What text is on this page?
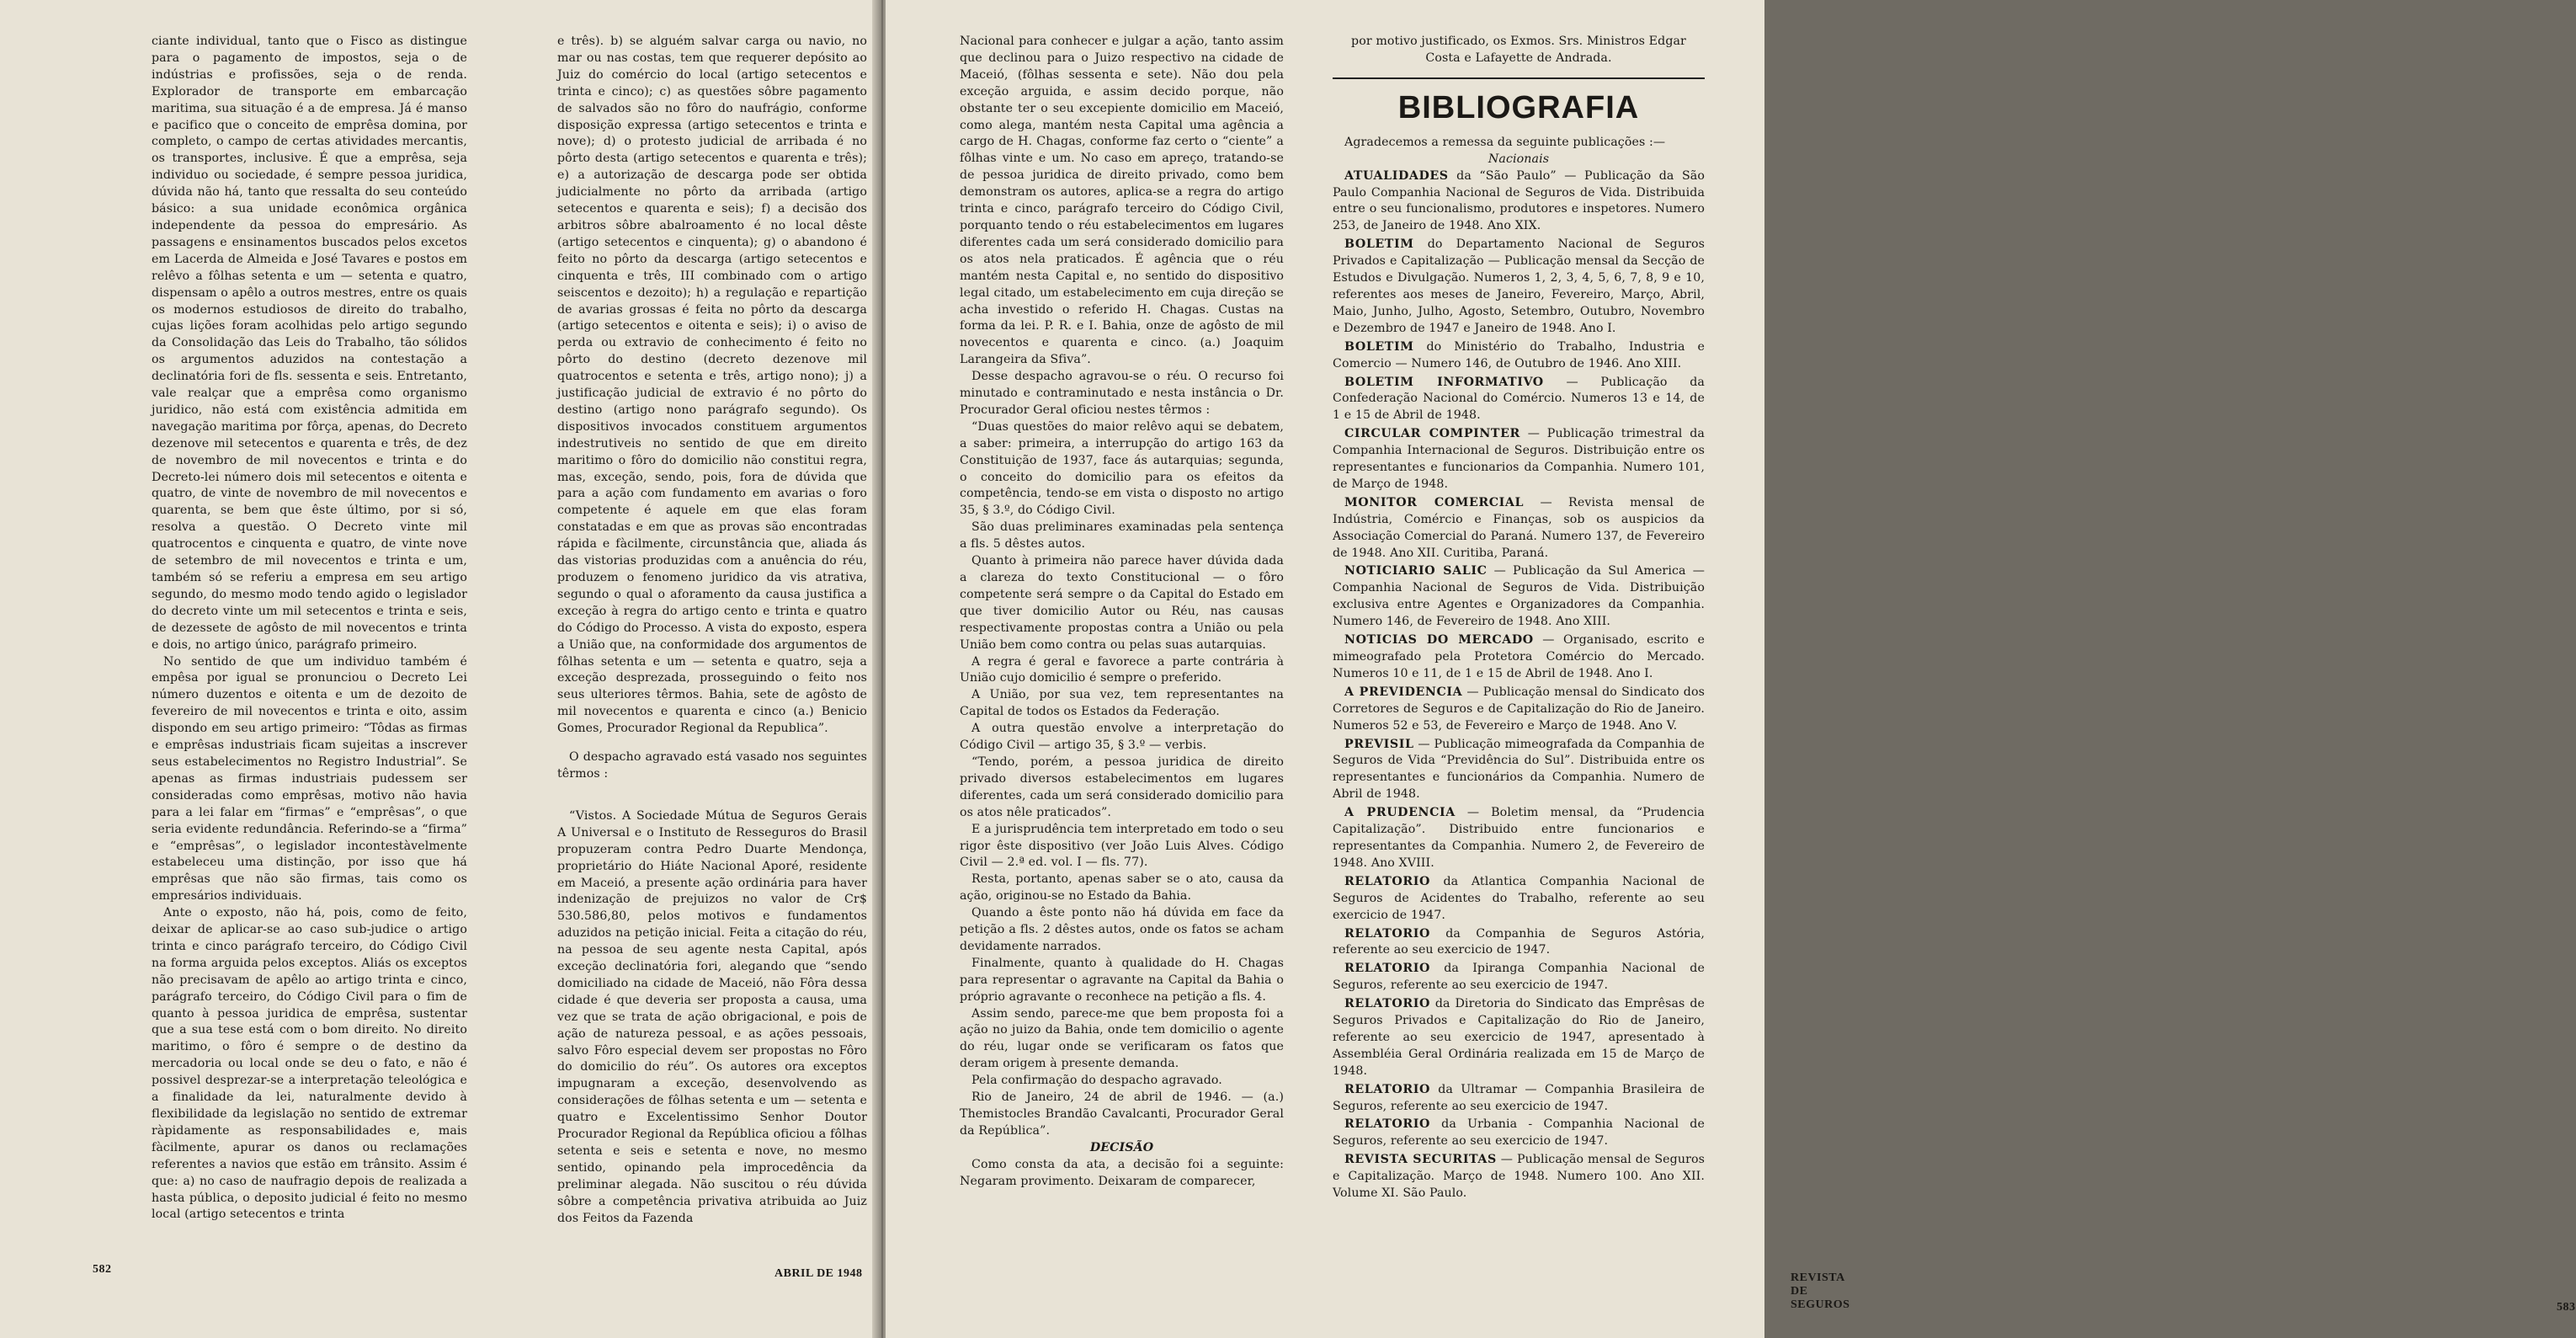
ciante individual, tanto que o Fisco as distingue para o pagamento de impostos, seja o de indústrias e profissões, seja o de renda. Explorador de transporte em embarcação maritima, sua situação é a de empresa. Já é manso e pacifico que o conceito de emprêsa domina, por completo, o campo de certas atividades mercantis, os transportes, inclusive. É que a emprêsa, seja individuo ou sociedade, é sempre pessoa juridica, dúvida não há, tanto que ressalta do seu conteúdo básico: a sua unidade econômica orgânica independente da pessoa do empresário. As passagens e ensinamentos buscados pelos excetos em Lacerda de Almeida e José Tavares e postos em relêvo a fôlhas setenta e um — setenta e quatro, dispensam o apêlo a outros mestres, entre os quais os modernos estudiosos de direito do trabalho, cujas lições foram acolhidas pelo artigo segundo da Consolidação das Leis do Trabalho, tão sólidos os argumentos aduzidos na contestação a declinatória fori de fls. sessenta e seis. Entretanto, vale realçar que a emprêsa como organismo juridico, não está com existência admitida em navegação maritima por fôrça, apenas, do Decreto dezenove mil setecentos e quarenta e três, de dez de novembro de mil novecentos e trinta e do Decreto-lei número dois mil setecentos e oitenta e quatro, de vinte de novembro de mil novecentos e quarenta, se bem que êste último, por si só, resolva a questão. O Decreto vinte mil quatrocentos e cinquenta e quatro, de vinte nove de setembro de mil novecentos e trinta e um, também só se referiu a empresa em seu artigo segundo, do mesmo modo tendo agido o legislador do decreto vinte um mil setecentos e trinta e seis, de dezessete de agôsto de mil novecentos e trinta e dois, no artigo único, parágrafo primeiro.

No sentido de que um individuo também é empêsa por igual se pronunciou o Decreto Lei número duzentos e oitenta e um de dezoito de fevereiro de mil novecentos e trinta e oito, assim dispondo em seu artigo primeiro: “Tôdas as firmas e emprêsas industriais ficam sujeitas a inscrever seus estabelecimentos no Registro Industrial”. Se apenas as firmas industriais pudessem ser consideradas como emprêsas, motivo não havia para a lei falar em “firmas” e “emprêsas”, o que seria evidente redundância. Referindo-se a “firma” e “emprêsas”, o legislador incontestàvelmente estabeleceu uma distinção, por isso que há emprêsas que não são firmas, tais como os empresários individuais.

Ante o exposto, não há, pois, como de feito, deixar de aplicar-se ao caso sub-judice o artigo trinta e cinco parágrafo terceiro, do Código Civil na forma arguida pelos exceptos. Aliás os exceptos não precisavam de apêlo ao artigo trinta e cinco, parágrafo terceiro, do Código Civil para o fim de quanto à pessoa juridica de emprêsa, sustentar que a sua tese está com o bom direito. No direito maritimo, o fôro é sempre o de destino da mercadoria ou local onde se deu o fato, e não é possivel desprezar-se a interpretação teleológica e a finalidade da lei, naturalmente devido à flexibilidade da legislação no sentido de extremar ràpidamente as responsabilidades e, mais fàcilmente, apurar os danos ou reclamações referentes a navios que estão em trânsito. Assim é que: a) no caso de naufragio depois de realizada a hasta pública, o deposito judicial é feito no mesmo local (artigo setecentos e trinta

e três). b) se alguém salvar carga ou navio, no mar ou nas costas, tem que requerer depósito ao Juiz do comércio do local (artigo setecentos e trinta e cinco); c) as questões sôbre pagamento de salvados são no fôro do naufrágio, conforme disposição expressa (artigo setecentos e trinta e nove); d) o protesto judicial de arribada é no pôrto desta (artigo setecentos e quarenta e três); e) a autorização de descarga pode ser obtida judicialmente no pôrto da arribada (artigo setecentos e quarenta e seis); f) a decisão dos arbitros sôbre abalroamento é no local dêste (artigo setecentos e cinquenta); g) o abandono é feito no pôrto da descarga (artigo setecentos e cinquenta e três, III combinado com o artigo seiscentos e dezoito); h) a regulação e repartição de avarias grossas é feita no pôrto da descarga (artigo setecentos e oitenta e seis); i) o aviso de perda ou extravio de conhecimento é feito no pôrto do destino (decreto dezenove mil quatrocentos e setenta e três, artigo nono); j) a justificação judicial de extravio é no pôrto do destino (artigo nono parágrafo segundo). Os dispositivos invocados constituem argumentos indestrutiveis no sentido de que em direito maritimo o fôro do domicilio não constitui regra, mas, exceção, sendo, pois, fora de dúvida que para a ação com fundamento em avarias o foro competente é aquele em que elas foram constatadas e em que as provas são encontradas rápida e fàcilmente, circunstância que, aliada ás das vistorias produzidas com a anuência do réu, produzem o fenomeno juridico da vis atrativa, segundo o qual o aforamento da causa justifica a exceção à regra do artigo cento e trinta e quatro do Código do Processo. A vista do exposto, espera a União que, na conformidade dos argumentos de fôlhas setenta e um — setenta e quatro, seja a exceção desprezada, prosseguindo o feito nos seus ulteriores têrmos. Bahia, sete de agôsto de mil novecentos e quarenta e cinco (a.) Benicio Gomes, Procurador Regional da Republica”.

O despacho agravado está vasado nos seguintes têrmos :

“Vistos. A Sociedade Mútua de Seguros Gerais A Universal e o Instituto de Resseguros do Brasil propuzeram contra Pedro Duarte Mendonça, proprietário do Hiáte Nacional Aporé, residente em Maceió, a presente ação ordinária para haver indenização de prejuizos no valor de Cr$ 530.586,80, pelos motivos e fundamentos aduzidos na petição inicial. Feita a citação do réu, na pessoa de seu agente nesta Capital, após exceção declinatória fori, alegando que “sendo domiciliado na cidade de Maceió, não Fôra dessa cidade é que deveria ser proposta a causa, uma vez que se trata de ação obrigacional, e pois de ação de natureza pessoal, e as ações pessoais, salvo Fôro especial devem ser propostas no Fôro do domicilio do réu”. Os autores ora exceptos impugnaram a exceção, desenvolvendo as considerações de fôlhas setenta e um — setenta e quatro e Excelentissimo Senhor Doutor Procurador Regional da República oficiou a fôlhas setenta e seis e setenta e nove, no mesmo sentido, opinando pela improcedência da preliminar alegada. Não suscitou o réu dúvida sôbre a competência privativa atribuida ao Juiz dos Feitos da Fazenda

582	ABRIL DE 1948

Nacional para conhecer e julgar a ação, tanto assim que declinou para o Juizo respectivo na cidade de Maceió, (fôlhas sessenta e sete). Não dou pela exceção arguida, e assim decido porque, não obstante ter o seu excepiente domicilio em Maceió, como alega, mantém nesta Capital uma agência a cargo de H. Chagas, conforme faz certo o “ciente” a fôlhas vinte e um. No caso em apreço, tratando-se de pessoa juridica de direito privado, como bem demonstram os autores, aplica-se a regra do artigo trinta e cinco, parágrafo terceiro do Código Civil, porquanto tendo o réu estabelecimentos em lugares diferentes cada um será considerado domicilio para os atos nela praticados. É agência que o réu mantém nesta Capital e, no sentido do dispositivo legal citado, um estabelecimento em cuja direção se acha investido o referido H. Chagas. Custas na forma da lei. P. R. e I. Bahia, onze de agôsto de mil novecentos e quarenta e cinco. (a.) Joaquim Larangeira da Sfiva”.

Desse despacho agravou-se o réu. O recurso foi minutado e contraminutado e nesta instância o Dr. Procurador Geral oficiou nestes têrmos :

“Duas questões do maior relêvo aqui se debatem, a saber: primeira, a interrupção do artigo 163 da Constituição de 1937, face ás autarquias; segunda, o conceito do domicilio para os efeitos da competência, tendo-se em vista o disposto no artigo 35, § 3.º, do Código Civil.

São duas preliminares examinadas pela sentença a fls. 5 dêstes autos.

Quanto à primeira não parece haver dúvida dada a clareza do texto Constitucional — o fôro competente será sempre o da Capital do Estado em que tiver domicilio Autor ou Réu, nas causas respectivamente propostas contra a União ou pela União bem como contra ou pelas suas autarquias.

A regra é geral e favorece a parte contrária à União cujo domicilio é sempre o preferido.

A União, por sua vez, tem representantes na Capital de todos os Estados da Federação.

A outra questão envolve a interpretação do Código Civil — artigo 35, § 3.º — verbis.

“Tendo, porém, a pessoa juridica de direito privado diversos estabelecimentos em lugares diferentes, cada um será considerado domicilio para os atos nêle praticados”.

E a jurisprudência tem interpretado em todo o seu rigor êste dispositivo (ver João Luis Alves. Código Civil — 2.ª ed. vol. I — fls. 77).

Resta, portanto, apenas saber se o ato, causa da ação, originou-se no Estado da Bahia.

Quando a êste ponto não há dúvida em face da petição a fls. 2 dêstes autos, onde os fatos se acham devidamente narrados.

Finalmente, quanto à qualidade do H. Chagas para representar o agravante na Capital da Bahia o próprio agravante o reconhece na petição a fls. 4.

Assim sendo, parece-me que bem proposta foi a ação no juizo da Bahia, onde tem domicilio o agente do réu, lugar onde se verificaram os fatos que deram origem à presente demanda.

Pela confirmação do despacho agravado.

Rio de Janeiro, 24 de abril de 1946. — (a.) Themistocles Brandão Cavalcanti, Procurador Geral da República”.

DECISÃO

Como consta da ata, a decisão foi a seguinte: Negaram provimento. Deixaram de comparecer,

por motivo justificado, os Exmos. Srs. Ministros Edgar Costa e Lafayette de Andrada.

BIBLIOGRAFIA

Agradecemos a remessa da seguinte publicações :—

Nacionais

ATUALIDADES da “São Paulo” — Publicação da São Paulo Companhia Nacional de Seguros de Vida. Distribuida entre o seu funcionalismo, produtores e inspetores. Numero 253, de Janeiro de 1948. Ano XIX.

BOLETIM do Departamento Nacional de Seguros Privados e Capitalização — Publicação mensal da Secção de Estudos e Divulgação. Numeros 1, 2, 3, 4, 5, 6, 7, 8, 9 e 10, referentes aos meses de Janeiro, Fevereiro, Março, Abril, Maio, Junho, Julho, Agosto, Setembro, Outubro, Novembro e Dezembro de 1947 e Janeiro de 1948. Ano I.

BOLETIM do Ministério do Trabalho, Industria e Comercio — Numero 146, de Outubro de 1946. Ano XIII.

BOLETIM INFORMATIVO — Publicação da Confederação Nacional do Comércio. Numeros 13 e 14, de 1 e 15 de Abril de 1948.

CIRCULAR COMPINTER — Publicação trimestral da Companhia Internacional de Seguros. Distribuição entre os representantes e funcionarios da Companhia. Numero 101, de Março de 1948.

MONITOR COMERCIAL — Revista mensal de Indústria, Comércio e Finanças, sob os auspicios da Associação Comercial do Paraná. Numero 137, de Fevereiro de 1948. Ano XII. Curitiba, Paraná.

NOTICIARIO SALIC — Publicação da Sul America — Companhia Nacional de Seguros de Vida. Distribuição exclusiva entre Agentes e Organizadores da Companhia. Numero 146, de Fevereiro de 1948. Ano XIII.

NOTICIAS DO MERCADO — Organisado, escrito e mimeografado pela Protetora Comércio do Mercado. Numeros 10 e 11, de 1 e 15 de Abril de 1948. Ano I.

A PREVIDENCIA — Publicação mensal do Sindicato dos Corretores de Seguros e de Capitalização do Rio de Janeiro. Numeros 52 e 53, de Fevereiro e Março de 1948. Ano V.

PREVISIL — Publicação mimeografada da Companhia de Seguros de Vida “Previdência do Sul”. Distribuida entre os representantes e funcionários da Companhia. Numero de Abril de 1948.

A PRUDENCIA — Boletim mensal, da “Prudencia Capitalização”. Distribuido entre funcionarios e representantes da Companhia. Numero 2, de Fevereiro de 1948. Ano XVIII.

RELATORIO da Atlantica Companhia Nacional de Seguros de Acidentes do Trabalho, referente ao seu exercicio de 1947.

RELATORIO da Companhia de Seguros Astória, referente ao seu exercicio de 1947.

RELATORIO da Ipiranga Companhia Nacional de Seguros, referente ao seu exercicio de 1947.

RELATORIO da Diretoria do Sindicato das Emprêsas de Seguros Privados e Capitalização do Rio de Janeiro, referente ao seu exercicio de 1947, apresentado à Assembléia Geral Ordinária realizada em 15 de Março de 1948.

RELATORIO da Ultramar — Companhia Brasileira de Seguros, referente ao seu exercicio de 1947.

RELATORIO da Urbania - Companhia Nacional de Seguros, referente ao seu exercicio de 1947.

REVISTA SECURITAS — Publicação mensal de Seguros e Capitalização. Março de 1948. Numero 100. Ano XII. Volume XI. São Paulo.

REVISTA DE SEGUROS	583
